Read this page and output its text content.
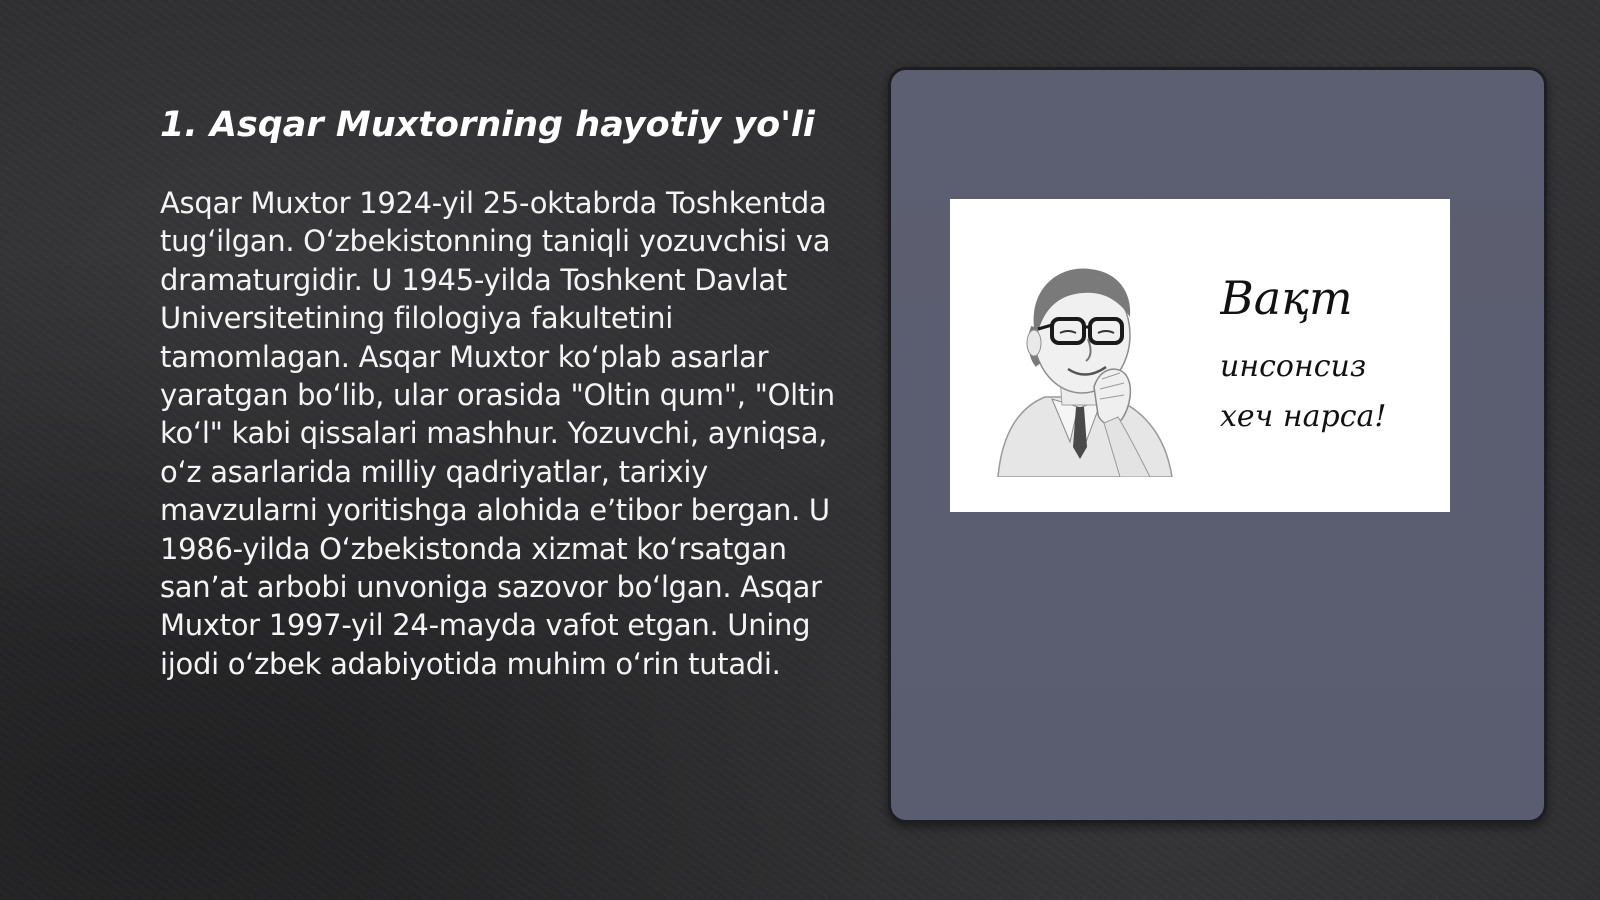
1. Asqar Muxtorning hayotiy yo'li

Asqar Muxtor 1924-yil 25-oktabrda Toshkentda tug‘ilgan. O‘zbekistonning taniqli yozuvchisi va dramaturgidir. U 1945-yilda Toshkent Davlat Universitetining filologiya fakultetini tamomlagan. Asqar Muxtor ko‘plab asarlar yaratgan bo‘lib, ular orasida "Oltin qum", "Oltin ko‘l" kabi qissalari mashhur. Yozuvchi, ayniqsa, o‘z asarlarida milliy qadriyatlar, tarixiy mavzularni yoritishga alohida e’tibor bergan. U 1986-yilda O‘zbekistonda xizmat ko‘rsatgan san’at arbobi unvoniga sazovor bo‘lgan. Asqar Muxtor 1997-yil 24-mayda vafot etgan. Uning ijodi o‘zbek adabiyotida muhim o‘rin tutadi.

Вақт
инсонсиз
хеч нарса!
